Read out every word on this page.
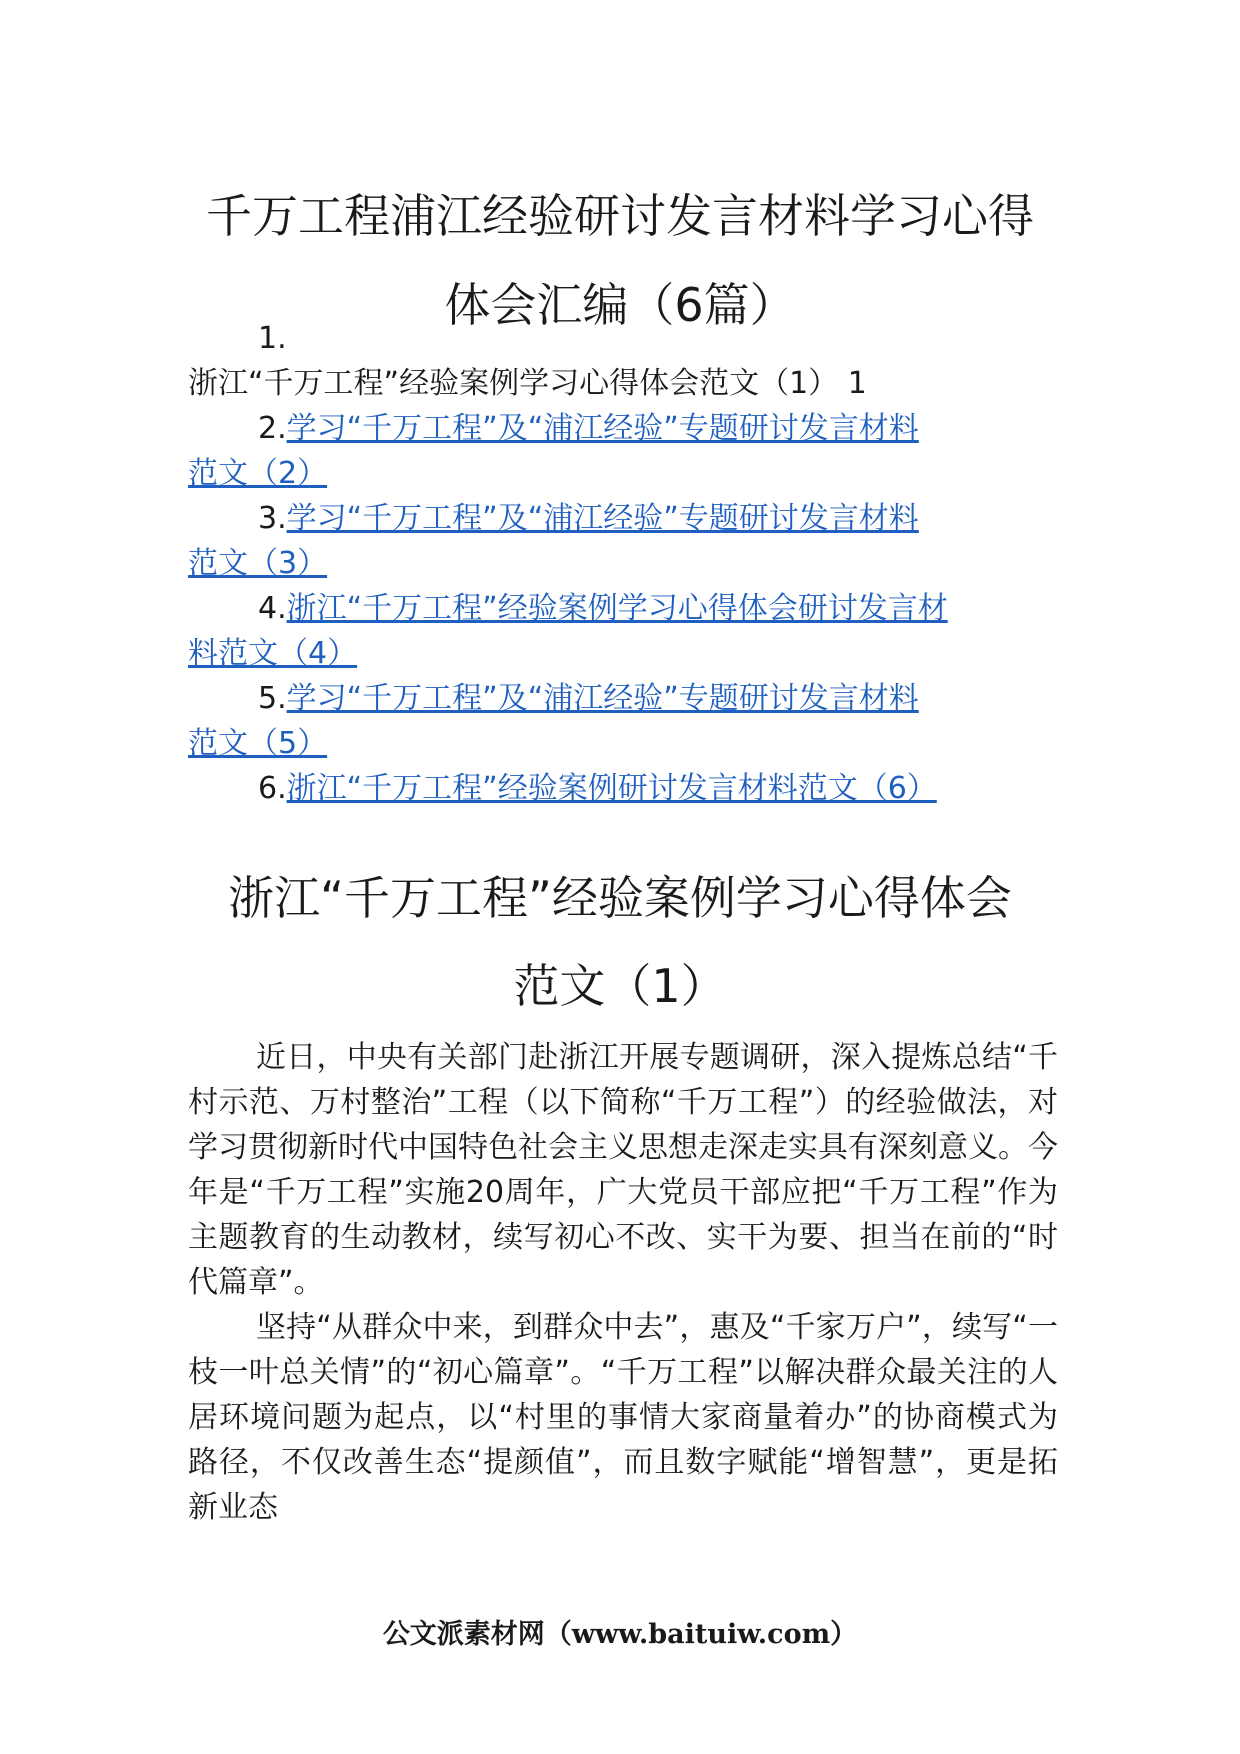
千万工程浦江经验研讨发言材料学习心得
体会汇编（6篇）
1.
浙江“千万工程”经验案例学习心得体会范文（1） 1
2.学习“千万工程”及“浦江经验”专题研讨发言材料
范文（2）
3.学习“千万工程”及“浦江经验”专题研讨发言材料
范文（3）
4.浙江“千万工程”经验案例学习心得体会研讨发言材
料范文（4）
5.学习“千万工程”及“浦江经验”专题研讨发言材料
范文（5）
6.浙江“千万工程”经验案例研讨发言材料范文（6）
浙江“千万工程”经验案例学习心得体会
范文（1）

近日，中央有关部门赴浙江开展专题调研，深入提炼总结“千村示范、万村整治”工程（以下简称“千万工程”）的经验做法，对学习贯彻新时代中国特色社会主义思想走深走实具有深刻意义。今年是“千万工程”实施20周年，广大党员干部应把“千万工程”作为主题教育的生动教材，续写初心不改、实干为要、担当在前的“时代篇章”。

坚持“从群众中来，到群众中去”，惠及“千家万户”，续写“一枝一叶总关情”的“初心篇章”。“千万工程”以解决群众最关注的人居环境问题为起点，以“村里的事情大家商量着办”的协商模式为路径，不仅改善生态“提颜值”，而且数字赋能“增智慧”，更是拓新业态

公文派素材网（www.baituiw.com）
